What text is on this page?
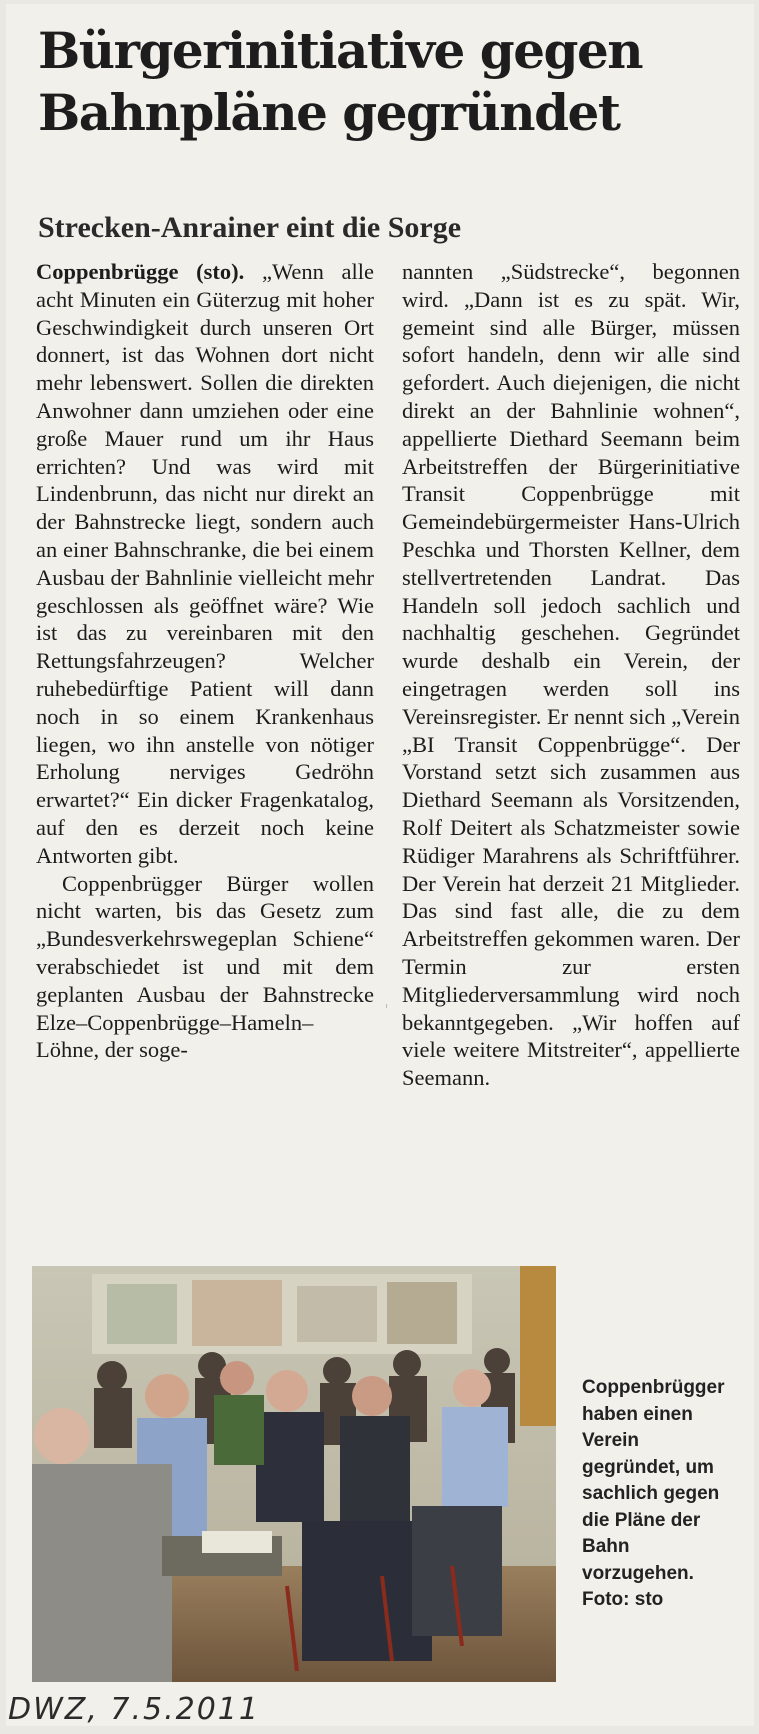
Bürgerinitiative gegen
Bahnpläne gegründet
Strecken-Anrainer eint die Sorge

Coppenbrügge (sto). „Wenn alle acht Minuten ein Güterzug mit hoher Geschwindigkeit durch unseren Ort donnert, ist das Wohnen dort nicht mehr lebenswert. Sollen die direkten Anwohner dann umziehen oder eine große Mauer rund um ihr Haus errichten? Und was wird mit Lindenbrunn, das nicht nur direkt an der Bahnstrecke liegt, sondern auch an einer Bahnschranke, die bei einem Ausbau der Bahnlinie vielleicht mehr geschlossen als geöffnet wäre? Wie ist das zu vereinbaren mit den Rettungsfahrzeugen? Welcher ruhebedürftige Patient will dann noch in so einem Krankenhaus liegen, wo ihn anstelle von nötiger Erholung nerviges Gedröhn erwartet?“ Ein dicker Fragenkatalog, auf den es derzeit noch keine Antworten gibt.

Coppenbrügger Bürger wollen nicht warten, bis das Gesetz zum „Bundesverkehrswegeplan Schiene“ verabschiedet ist und mit dem geplanten Ausbau der Bahnstrecke Elze–Coppenbrügge–Hameln–Löhne, der soge-

nannten „Südstrecke“, begonnen wird. „Dann ist es zu spät. Wir, gemeint sind alle Bürger, müssen sofort handeln, denn wir alle sind gefordert. Auch diejenigen, die nicht direkt an der Bahnlinie wohnen“, appellierte Diethard Seemann beim Arbeitstreffen der Bürgerinitiative Transit Coppenbrügge mit Gemeindebürgermeister Hans-Ulrich Peschka und Thorsten Kellner, dem stellvertretenden Landrat. Das Handeln soll jedoch sachlich und nachhaltig geschehen. Gegründet wurde deshalb ein Verein, der eingetragen werden soll ins Vereinsregister. Er nennt sich „Verein „BI Transit Coppenbrügge“. Der Vorstand setzt sich zusammen aus Diethard Seemann als Vorsitzenden, Rolf Deitert als Schatzmeister sowie Rüdiger Marahrens als Schriftführer. Der Verein hat derzeit 21 Mitglieder. Das sind fast alle, die zu dem Arbeitstreffen gekommen waren. Der Termin zur ersten Mitgliederversammlung wird noch bekanntgegeben. „Wir hoffen auf viele weitere Mitstreiter“, appellierte Seemann.

Coppenbrügger haben einen Verein gegründet, um sachlich gegen die Pläne der Bahn vorzugehen.
Foto: sto
DWZ, 7.5.2011
